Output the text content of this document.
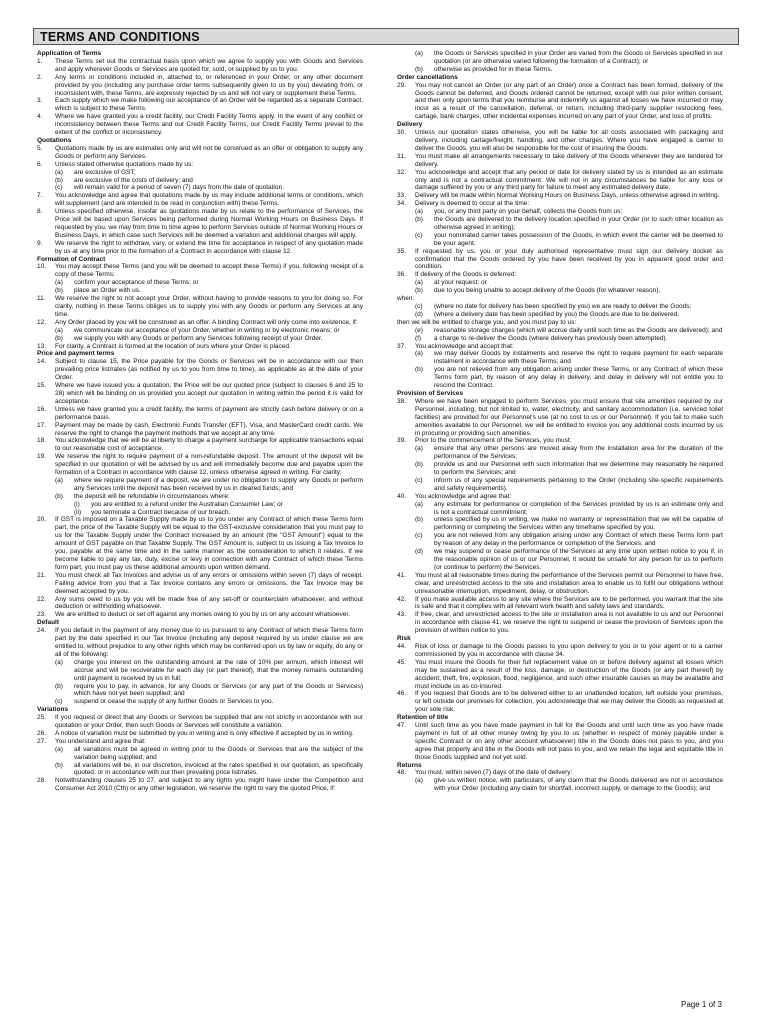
TERMS AND CONDITIONS
Application of Terms
1.	These Terms set out the contractual basis upon which we agree to supply you with Goods and Services and apply wherever Goods or Services are quoted for, sold, or supplied by us to you.
2.	Any terms or conditions included in, attached to, or referenced in your Order, or any other document provided by you (including any purchase order terms subsequently given to us by you) deviating from, or inconsistent with, these Terms, are expressly rejected by us and will not vary or supplement these Terms.
3.	Each supply which we make following our acceptance of an Order will be regarded as a separate Contract, which is subject to these Terms.
4.	Where we have granted you a credit facility, our Credit Facility Terms apply. In the event of any conflict or inconsistency between these Terms and our Credit Facility Terms, our Credit Facility Terms prevail to the extent of the conflict or inconsistency.
Quotations
5.	Quotations made by us are estimates only and will not be construed as an offer or obligation to supply any Goods or perform any Services.
6.	Unless stated otherwise quotations made by us:
(a)	are exclusive of GST;
(b)	are exclusive of the costs of delivery; and
(c)	will remain valid for a period of seven (7) days from the date of quotation.
7.	You acknowledge and agree that quotations made by us may include additional terms or conditions, which will supplement (and are intended to be read in conjunction with) these Terms.
8.	Unless specified otherwise, insofar as quotations made by us relate to the performance of Services, the Price will be based upon Services being performed during Normal Working Hours on Business Days. If requested by you, we may from time to time agree to perform Services outside of Normal Working Hours or Business Days, in which case such Services will be deemed a variation and additional charges will apply.
9.	We reserve the right to withdraw, vary, or extend the time for acceptance in respect of any quotation made by us at any time prior to the formation of a Contract in accordance with clause 12.
Formation of Contract
10.	You may accept these Terms (and you will be deemed to accept these Terms) if you, following receipt of a copy of these Terms:
(a)	confirm your acceptance of these Terms; or
(b)	place an Order with us.
11.	We reserve the right to not accept your Order, without having to provide reasons to you for doing so. For clarity, nothing in these Terms obliges us to supply you with any Goods or perform any Services at any time.
12.	Any Order placed by you will be construed as an offer. A binding Contract will only come into existence, if:
(a)	we communicate our acceptance of your Order, whether in writing or by electronic means; or
(b)	we supply you with any Goods or perform any Services following receipt of your Order.
13.	For clarity, a Contract is formed at the location of ours where your Order is placed.
Price and payment terms
14.	Subject to clause 15, the Price payable for the Goods or Services will be in accordance with our then prevailing price list/rates (as notified by us to you from time to time), as applicable as at the date of your Order.
15.	Where we have issued you a quotation, the Price will be our quoted price (subject to clauses 6 and 25 to 28) which will be binding on us provided you accept our quotation in writing within the period it is valid for acceptance.
16.	Unless we have granted you a credit facility, the terms of payment are strictly cash before delivery or on a performance basis.
17.	Payment may be made by cash, Electronic Funds Transfer (EFT), Visa, and MasterCard credit cards. We reserve the right to change the payment methods that we accept at any time.
18.	You acknowledge that we will be at liberty to charge a payment surcharge for applicable transactions equal to our reasonable cost of acceptance.
19.	We reserve the right to require payment of a non-refundable deposit. The amount of the deposit will be specified in our quotation or will be advised by us and will immediately become due and payable upon the formation of a Contract in accordance with clause 12, unless otherwise agreed in writing. For clarity:
(a)	where we require payment of a deposit, we are under no obligation to supply any Goods or perform any Services until the deposit has been received by us in cleared funds; and
(b)	the deposit will be refundable in circumstances where:
(i)	you are entitled to a refund under the Australian Consumer Law; or
(ii)	you terminate a Contract because of our breach.
20.	If GST is imposed on a Taxable Supply made by us to you under any Contract of which these Terms form part, the price of the Taxable Supply will be equal to the GST-exclusive consideration that you must pay to us for the Taxable Supply under the Contract increased by an amount (the "GST Amount") equal to the amount of GST payable on that Taxable Supply. The GST Amount is, subject to us issuing a Tax Invoice to you, payable at the same time and in the same manner as the consideration to which it relates. If we become liable to pay any tax, duty, excise or levy in connection with any Contract of which these Terms form part, you must pay us these additional amounts upon written demand.
21.	You must check all Tax Invoices and advise us of any errors or omissions within seven (7) days of receipt. Failing advice from you that a Tax Invoice contains any errors or omissions, the Tax Invoice may be deemed accepted by you.
22.	Any sums owed to us by you will be made free of any set-off or counterclaim whatsoever, and without deduction or withholding whatsoever.
23.	We are entitled to deduct or set off against any monies owing to you by us on any account whatsoever.
Default
24.	If you default in the payment of any money due to us pursuant to any Contract of which these Terms form part by the date specified in our Tax Invoice (including any deposit required by us under clause we are entitled to, without prejudice to any other rights which may be conferred upon us by law or equity, do any or all of the following:
(a)	charge you interest on the outstanding amount at the rate of 10% per annum, which interest will accrue and will be recoverable for each day (or part thereof), that the money remains outstanding until payment is received by us in full;
(b)	require you to pay, in advance, for any Goods or Services (or any part of the Goods or Services) which have not yet been supplied; and
(c)	suspend or cease the supply of any further Goods or Services to you.
Variations
25.	If you request or direct that any Goods or Services be supplied that are not strictly in accordance with our quotation or your Order, then such Goods or Services will constitute a variation.
26.	A notice of variation must be submitted by you in writing and is only effective if accepted by us in writing.
27.	You understand and agree that:
(a)	all variations must be agreed in writing prior to the Goods or Services that are the subject of the variation being supplied; and
(b)	all variations will be, in our discretion, invoiced at the rates specified in our quotation, as specifically quoted, or in accordance with our then prevailing price list/rates.
28.	Notwithstanding clauses 25 to 27, and subject to any rights you might have under the Competition and Consumer Act 2010 (Cth) or any other legislation, we reserve the right to vary the quoted Price, if:
(a)	the Goods or Services specified in your Order are varied from the Goods or Services specified in our quotation (or are otherwise varied following the formation of a Contract); or
(b)	otherwise as provided for in these Terms.
Order cancellations
29.	You may not cancel an Order (or any part of an Order) once a Contract has been formed, delivery of the Goods cannot be deferred, and Goods ordered cannot be returned, except with our prior written consent, and then only upon terms that you reimburse and indemnify us against all losses we have incurred or may incur as a result of the cancellation, deferral, or return, including third-party supplier restocking fees, cartage, bank charges, other incidental expenses incurred on any part of your Order, and loss of profits.
Delivery
30.	Unless our quotation states otherwise, you will be liable for all costs associated with packaging and delivery, including cartage/freight, handling, and other charges. Where you have engaged a carrier to deliver the Goods, you will also be responsible for the cost of insuring the Goods.
31.	You must make all arrangements necessary to take delivery of the Goods whenever they are tendered for delivery.
32.	You acknowledge and accept that any period or date for delivery stated by us is intended as an estimate only and is not a contractual commitment. We will not in any circumstances be liable for any loss or damage suffered by you or any third party for failure to meet any estimated delivery date.
33.	Delivery will be made within Normal Working Hours on Business Days, unless otherwise agreed in writing.
34.	Delivery is deemed to occur at the time:
(a)	you, or any third party on your behalf, collects the Goods from us;
(b)	the Goods are delivered to the delivery location specified in your Order (or to such other location as otherwise agreed in writing);
(c)	your nominated carrier takes possession of the Goods, in which event the carrier will be deemed to be your agent.
35.	If requested by us, you or your duly authorised representative must sign our delivery docket as confirmation that the Goods ordered by you have been received by you in apparent good order and condition.
36.	If delivery of the Goods is deferred:
(a)	at your request; or
(b)	due to you being unable to accept delivery of the Goods (for whatever reason),
when:
(c)	(where no date for delivery has been specified by you) we are ready to deliver the Goods;
(d)	(where a delivery date has been specified by you) the Goods are due to be delivered,
then we will be entitled to charge you, and you must pay to us:
(e)	reasonable storage charges (which will accrue daily until such time as the Goods are delivered); and
(f)	a charge to re-deliver the Goods (where delivery has previously been attempted).
37.	You acknowledge and accept that:
(a)	we may deliver Goods by instalments and reserve the right to require payment for each separate instalment in accordance with these Terms; and
(b)	you are not relieved from any obligation arising under these Terms, or any Contract of which these Terms form part, by reason of any delay in delivery, and delay in delivery will not entitle you to rescind the Contract.
Provision of Services
38.	Where we have been engaged to perform Services, you must ensure that site amenities required by our Personnel, including, but not limited to, water, electricity, and sanitary accommodation (i.e. serviced toilet facilities) are provided for our Personnel's use (at no cost to us or our Personnel). If you fail to make such amenities available to our Personnel, we will be entitled to invoice you any additional costs incurred by us in procuring or providing such amenities.
39.	Prior to the commencement of the Services, you must:
(a)	ensure that any other persons are moved away from the installation area for the duration of the performance of the Services;
(b)	provide us and our Personnel with such information that we determine may reasonably be required to perform the Services; and
(c)	inform us of any special requirements pertaining to the Order (including site-specific requirements and safety requirements).
40.	You acknowledge and agree that:
(a)	any estimate for performance or completion of the Services provided by us is an estimate only and is not a contractual commitment;
(b)	unless specified by us in writing, we make no warranty or representation that we will be capable of performing or completing the Services within any timeframe specified by you;
(c)	you are not relieved from any obligation arising under any Contract of which these Terms form part by reason of any delay in the performance or completion of the Services; and
(d)	we may suspend or cease performance of the Services at any time upon written notice to you if, in the reasonable opinion of us or our Personnel, it would be unsafe for any person for us to perform (or continue to perform) the Services.
41.	You must at all reasonable times during the performance of the Services permit our Personnel to have free, clear, and unrestricted access to the site and installation area to enable us to fulfil our obligations without unreasonable interruption, impediment, delay, or obstruction.
42.	If you make available access to any site where the Services are to be performed, you warrant that the site is safe and that it complies with all relevant work health and safety laws and standards.
43.	If free, clear, and unrestricted access to the site or installation area is not available to us and our Personnel in accordance with clause 41, we reserve the right to suspend or cease the provision of Services upon the provision of written notice to you.
Risk
44.	Risk of loss or damage to the Goods passes to you upon delivery to you or to your agent or to a carrier commissioned by you in accordance with clause 34.
45.	You must insure the Goods for their full replacement value on or before delivery against all losses which may be sustained as a result of the loss, damage, or destruction of the Goods (or any part thereof) by accident, theft, fire, explosion, flood, negligence, and such other insurable causes as may be available and must include us as co-insured.
46.	If you request that Goods are to be delivered either to an unattended location, left outside your premises, or left outside our premises for collection, you acknowledge that we may deliver the Goods as requested at your sole risk.
Retention of title
47.	Until such time as you have made payment in full for the Goods and until such time as you have made payment in full of all other money owing by you to us (whether in respect of money payable under a specific Contract or on any other account whatsoever) title in the Goods does not pass to you, and you agree that property and title in the Goods will not pass to you, and we retain the legal and equitable title in those Goods supplied and not yet sold.
Returns
48.	You must, within seven (7) days of the date of delivery:
(a)	give us written notice, with particulars, of any claim that the Goods delivered are not in accordance with your Order (including any claim for shortfall, incorrect supply, or damage to the Goods); and
Page 1 of 3
